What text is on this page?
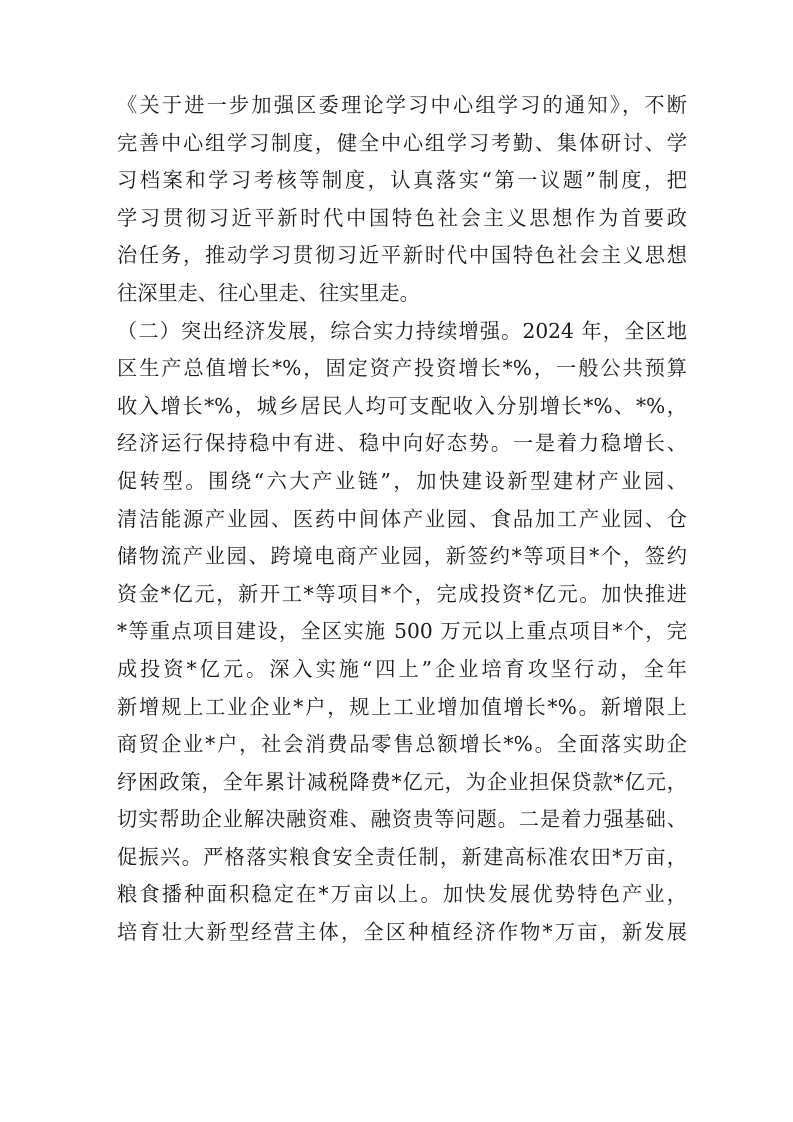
《关于进一步加强区委理论学习中心组学习的通知》，不断
完善中心组学习制度，健全中心组学习考勤、集体研讨、学
习档案和学习考核等制度，认真落实“第一议题”制度，把
学习贯彻习近平新时代中国特色社会主义思想作为首要政
治任务，推动学习贯彻习近平新时代中国特色社会主义思想
往深里走、往心里走、往实里走。
（二）突出经济发展，综合实力持续增强。2024 年，全区地
区生产总值增长*%，固定资产投资增长*%，一般公共预算
收入增长*%，城乡居民人均可支配收入分别增长*%、*%，
经济运行保持稳中有进、稳中向好态势。一是着力稳增长、
促转型。围绕“六大产业链”，加快建设新型建材产业园、
清洁能源产业园、医药中间体产业园、食品加工产业园、仓
储物流产业园、跨境电商产业园，新签约*等项目*个，签约
资金*亿元，新开工*等项目*个，完成投资*亿元。加快推进
*等重点项目建设，全区实施 500 万元以上重点项目*个，完
成投资*亿元。深入实施“四上”企业培育攻坚行动，全年
新增规上工业企业*户，规上工业增加值增长*%。新增限上
商贸企业*户，社会消费品零售总额增长*%。全面落实助企
纾困政策，全年累计减税降费*亿元，为企业担保贷款*亿元，
切实帮助企业解决融资难、融资贵等问题。二是着力强基础、
促振兴。严格落实粮食安全责任制，新建高标准农田*万亩，
粮食播种面积稳定在*万亩以上。加快发展优势特色产业，
培育壮大新型经营主体，全区种植经济作物*万亩，新发展
